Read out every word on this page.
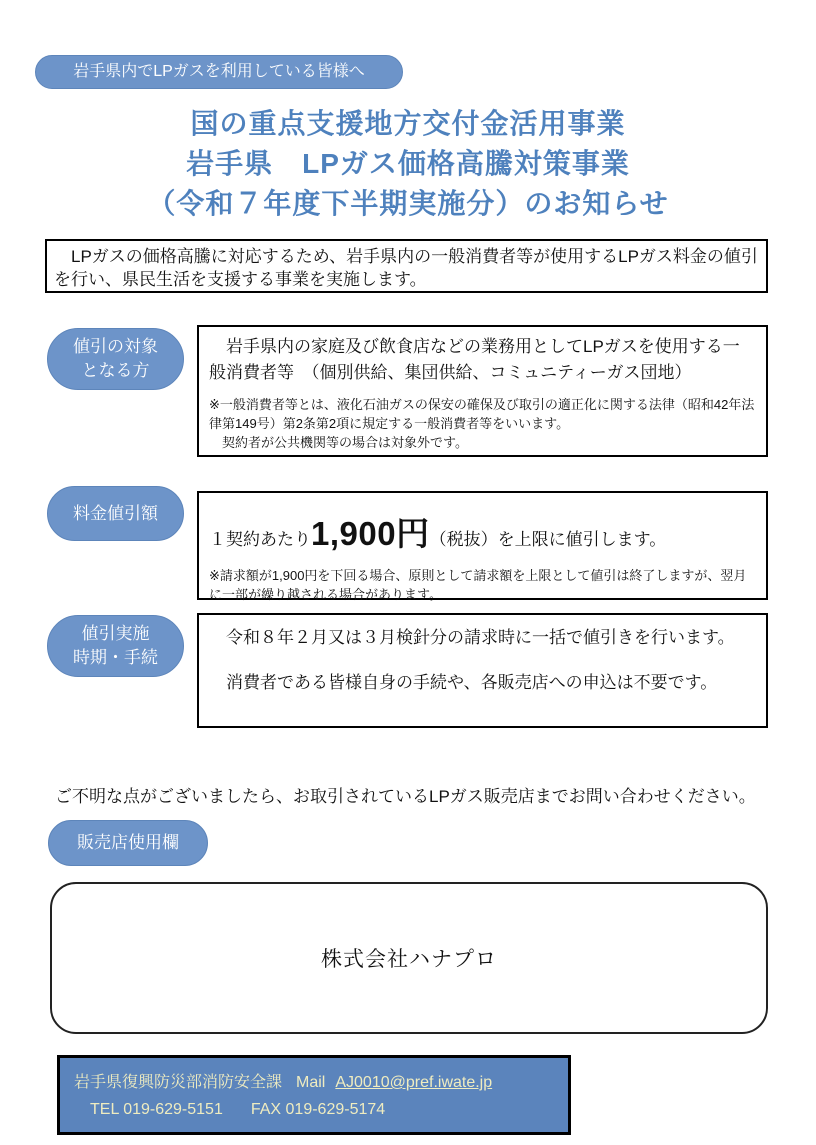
岩手県内でLPガスを利用している皆様へ
国の重点支援地方交付金活用事業
岩手県　LPガス価格高騰対策事業
（令和７年度下半期実施分）のお知らせ
　LPガスの価格高騰に対応するため、岩手県内の一般消費者等が使用するLPガス料金の値引を行い、県民生活を支援する事業を実施します。
値引の対象
となる方
　岩手県内の家庭及び飲食店などの業務用としてLPガスを使用する一般消費者等　（個別供給、集団供給、コミュニティーガス団地）
※一般消費者等とは、液化石油ガスの保安の確保及び取引の適正化に関する法律（昭和42年法律第149号）第2条第2項に規定する一般消費者等をいいます。
　契約者が公共機関等の場合は対象外です。
料金値引額
１契約あたり1,900円（税抜）を上限に値引します。
※請求額が1,900円を下回る場合、原則として請求額を上限として値引は終了しますが、翌月に一部が繰り越される場合があります。
値引実施
時期・手続
　令和８年２月又は３月検針分の請求時に一括で値引きを行います。
　消費者である皆様自身の手続や、各販売店への申込は不要です。
ご不明な点がございましたら、お取引されているLPガス販売店までお問い合わせください。
販売店使用欄
株式会社ハナプロ
岩手県復興防災部消防安全課 Mail AJ0010@pref.iwate.jp
TEL 019-629-5151 FAX 019-629-5174
